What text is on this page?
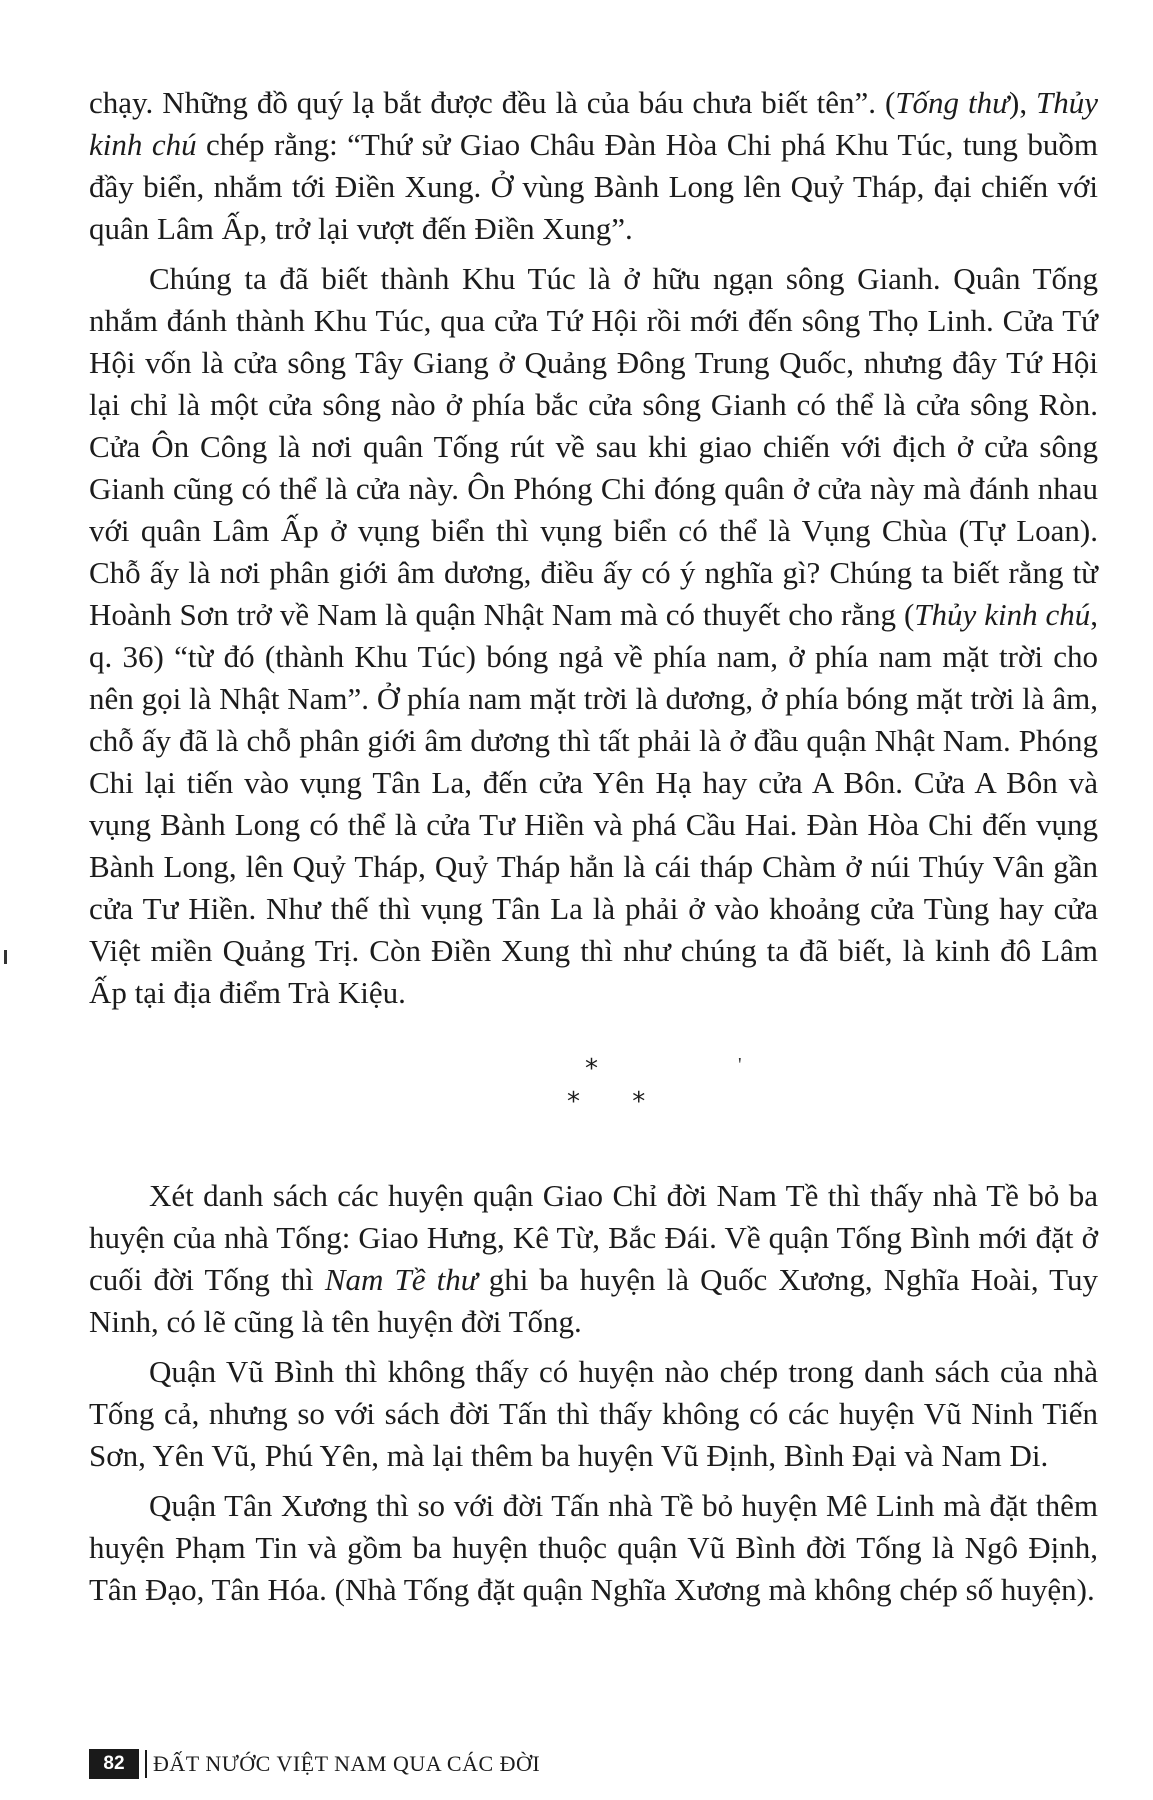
chạy. Những đồ quý lạ bắt được đều là của báu chưa biết tên”. (Tống thư), Thủy kinh chú chép rằng: “Thứ sử Giao Châu Đàn Hòa Chi phá Khu Túc, tung buồm đầy biển, nhắm tới Điền Xung. Ở vùng Bành Long lên Quỷ Tháp, đại chiến với quân Lâm Ấp, trở lại vượt đến Điền Xung”.

Chúng ta đã biết thành Khu Túc là ở hữu ngạn sông Gianh. Quân Tống nhắm đánh thành Khu Túc, qua cửa Tứ Hội rồi mới đến sông Thọ Linh. Cửa Tứ Hội vốn là cửa sông Tây Giang ở Quảng Đông Trung Quốc, nhưng đây Tứ Hội lại chỉ là một cửa sông nào ở phía bắc cửa sông Gianh có thể là cửa sông Ròn. Cửa Ôn Công là nơi quân Tống rút về sau khi giao chiến với địch ở cửa sông Gianh cũng có thể là cửa này. Ôn Phóng Chi đóng quân ở cửa này mà đánh nhau với quân Lâm Ấp ở vụng biển thì vụng biển có thể là Vụng Chùa (Tự Loan). Chỗ ấy là nơi phân giới âm dương, điều ấy có ý nghĩa gì? Chúng ta biết rằng từ Hoành Sơn trở về Nam là quận Nhật Nam mà có thuyết cho rằng (Thủy kinh chú, q. 36) “từ đó (thành Khu Túc) bóng ngả về phía nam, ở phía nam mặt trời cho nên gọi là Nhật Nam”. Ở phía nam mặt trời là dương, ở phía bóng mặt trời là âm, chỗ ấy đã là chỗ phân giới âm dương thì tất phải là ở đầu quận Nhật Nam. Phóng Chi lại tiến vào vụng Tân La, đến cửa Yên Hạ hay cửa A Bôn. Cửa A Bôn và vụng Bành Long có thể là cửa Tư Hiền và phá Cầu Hai. Đàn Hòa Chi đến vụng Bành Long, lên Quỷ Tháp, Quỷ Tháp hẳn là cái tháp Chàm ở núi Thúy Vân gần cửa Tư Hiền. Như thế thì vụng Tân La là phải ở vào khoảng cửa Tùng hay cửa Việt miền Quảng Trị. Còn Điền Xung thì như chúng ta đã biết, là kinh đô Lâm Ấp tại địa điểm Trà Kiệu.

*
* *
'

Xét danh sách các huyện quận Giao Chỉ đời Nam Tề thì thấy nhà Tề bỏ ba huyện của nhà Tống: Giao Hưng, Kê Từ, Bắc Đái. Về quận Tống Bình mới đặt ở cuối đời Tống thì Nam Tề thư ghi ba huyện là Quốc Xương, Nghĩa Hoài, Tuy Ninh, có lẽ cũng là tên huyện đời Tống.

Quận Vũ Bình thì không thấy có huyện nào chép trong danh sách của nhà Tống cả, nhưng so với sách đời Tấn thì thấy không có các huyện Vũ Ninh Tiến Sơn, Yên Vũ, Phú Yên, mà lại thêm ba huyện Vũ Định, Bình Đại và Nam Di.

Quận Tân Xương thì so với đời Tấn nhà Tề bỏ huyện Mê Linh mà đặt thêm huyện Phạm Tin và gồm ba huyện thuộc quận Vũ Bình đời Tống là Ngô Định, Tân Đạo, Tân Hóa. (Nhà Tống đặt quận Nghĩa Xương mà không chép số huyện).

82	ĐẤT NƯỚC VIỆT NAM QUA CÁC ĐỜI
